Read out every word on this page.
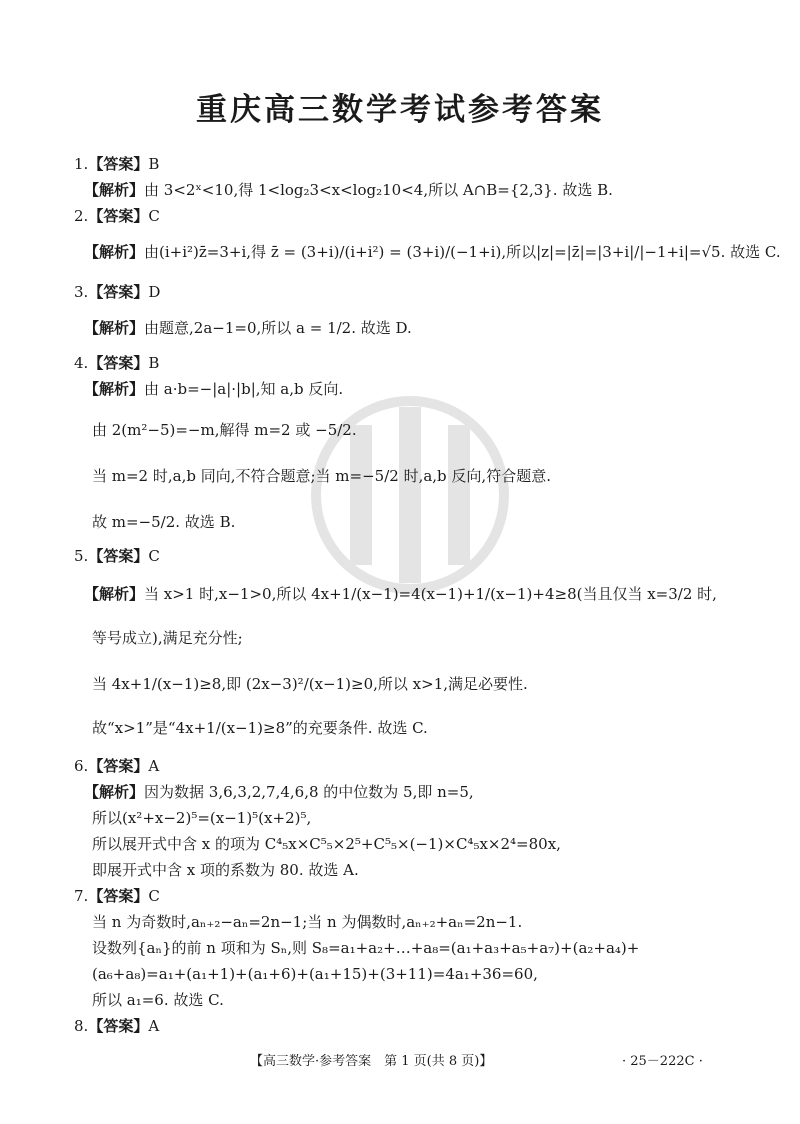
重庆高三数学考试参考答案
1.【答案】B
【解析】由 3<2ˣ<10,得 1<log₂3<x<log₂10<4,所以 A∩B={2,3}. 故选 B.
2.【答案】C
【解析】由(i+i²)z̄=3+i,得 z̄ = (3+i)/(i+i²) = (3+i)/(−1+i),所以|z|=|z̄|=|3+i|/|−1+i|=√5. 故选 C.
3.【答案】D
【解析】由题意,2a−1=0,所以 a = 1/2. 故选 D.
4.【答案】B
【解析】由 a·b=−|a|·|b|,知 a,b 反向.
由 2(m²−5)=−m,解得 m=2 或 −5/2.
当 m=2 时,a,b 同向,不符合题意;当 m=−5/2 时,a,b 反向,符合题意.
故 m=−5/2. 故选 B.
5.【答案】C
【解析】当 x>1 时,x−1>0,所以 4x+1/(x−1)=4(x−1)+1/(x−1)+4≥8(当且仅当 x=3/2 时,
等号成立),满足充分性;
当 4x+1/(x−1)≥8,即 (2x−3)²/(x−1)≥0,所以 x>1,满足必要性.
故“x>1”是“4x+1/(x−1)≥8”的充要条件. 故选 C.
6.【答案】A
【解析】因为数据 3,6,3,2,7,4,6,8 的中位数为 5,即 n=5,
所以(x²+x−2)⁵=(x−1)⁵(x+2)⁵,
所以展开式中含 x 的项为 C⁴₅x×C⁵₅×2⁵+C⁵₅×(−1)×C⁴₅x×2⁴=80x,
即展开式中含 x 项的系数为 80. 故选 A.
7.【答案】C
当 n 为奇数时,aₙ₊₂−aₙ=2n−1;当 n 为偶数时,aₙ₊₂+aₙ=2n−1.
设数列{aₙ}的前 n 项和为 Sₙ,则 S₈=a₁+a₂+…+a₈=(a₁+a₃+a₅+a₇)+(a₂+a₄)+
(a₆+a₈)=a₁+(a₁+1)+(a₁+6)+(a₁+15)+(3+11)=4a₁+36=60,
所以 a₁=6. 故选 C.
8.【答案】A
【高三数学·参考答案　第 1 页(共 8 页)】	· 25－222C ·
